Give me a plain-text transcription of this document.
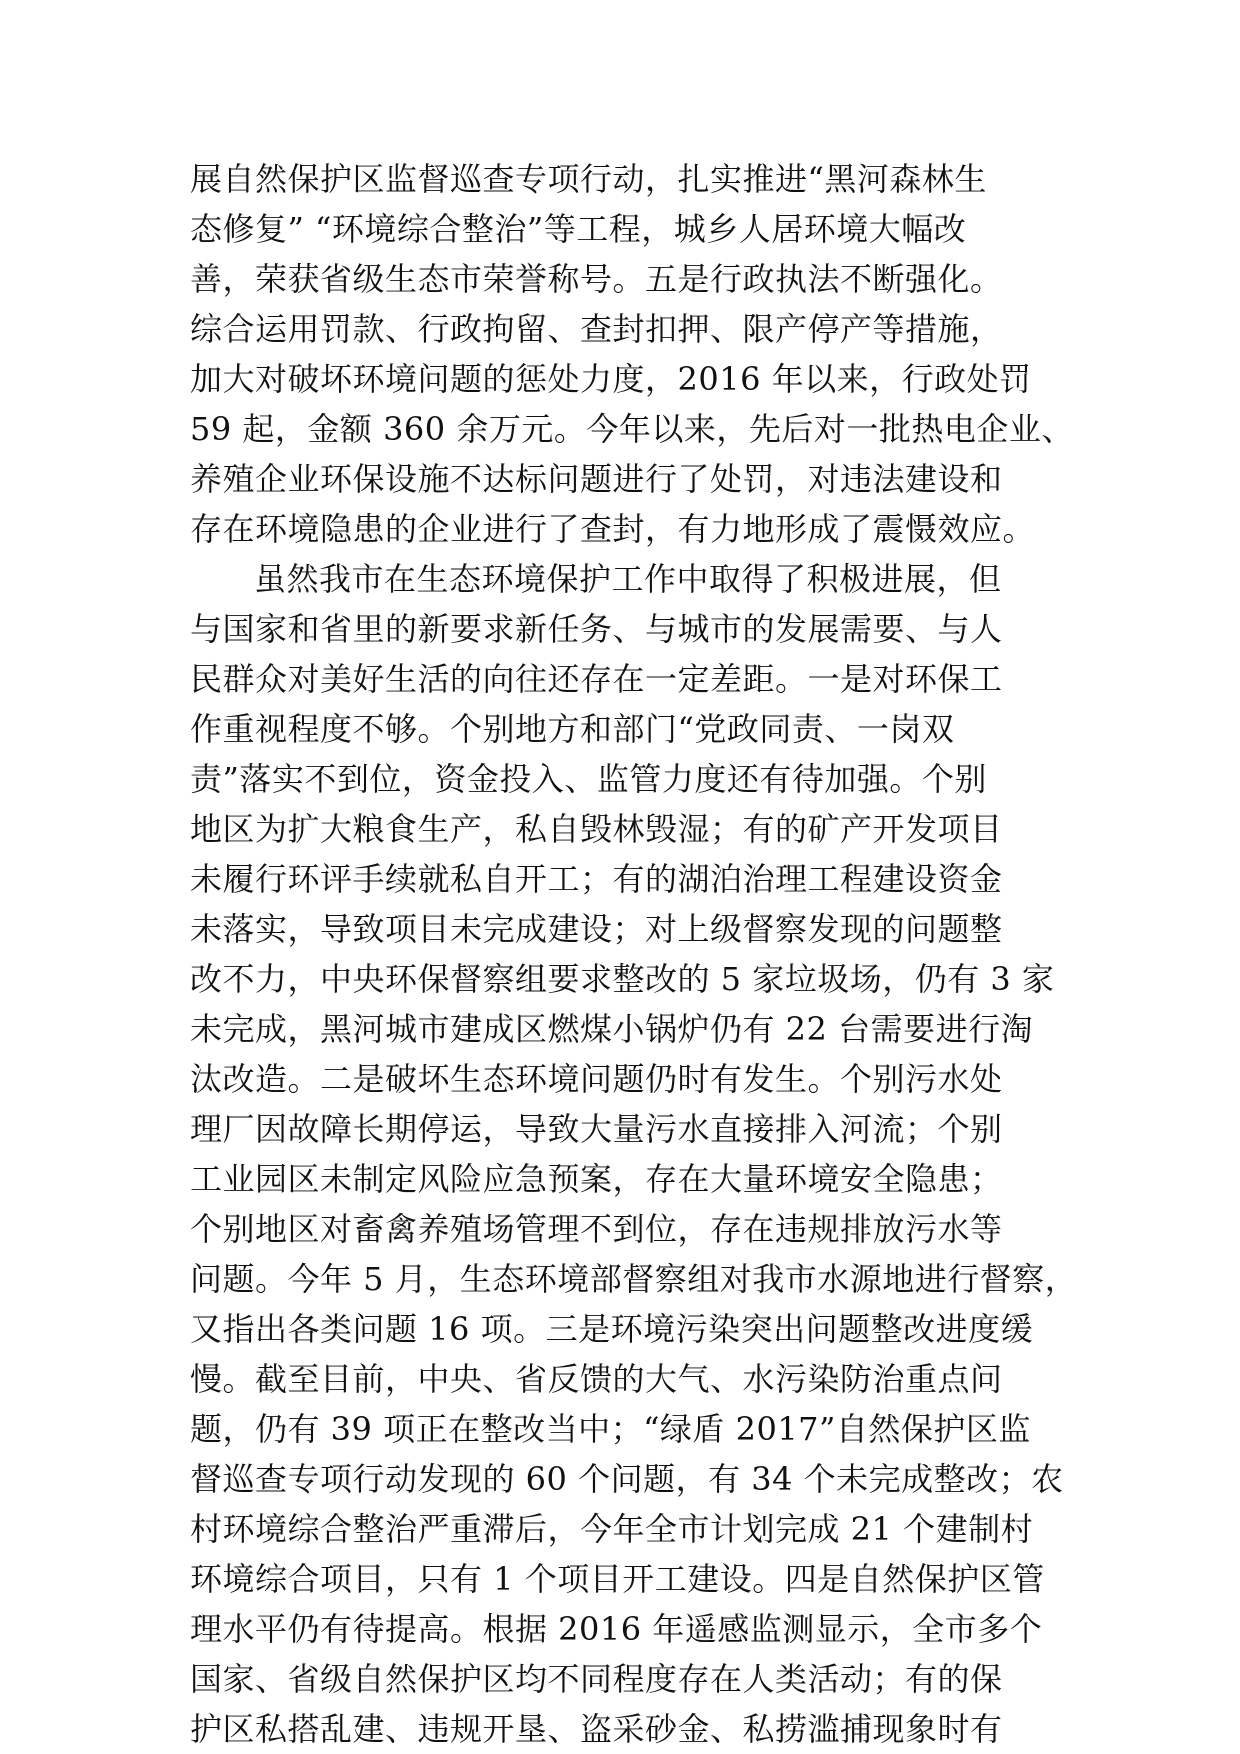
展自然保护区监督巡查专项行动，扎实推进“黑河森林生
态修复” “环境综合整治”等工程，城乡人居环境大幅改
善，荣获省级生态市荣誉称号。五是行政执法不断强化。
综合运用罚款、行政拘留、查封扣押、限产停产等措施，
加大对破坏环境问题的惩处力度，2016 年以来，行政处罚
59 起，金额 360 余万元。今年以来，先后对一批热电企业、
养殖企业环保设施不达标问题进行了处罚，对违法建设和
存在环境隐患的企业进行了查封，有力地形成了震慑效应。
虽然我市在生态环境保护工作中取得了积极进展，但
与国家和省里的新要求新任务、与城市的发展需要、与人
民群众对美好生活的向往还存在一定差距。一是对环保工
作重视程度不够。个别地方和部门“党政同责、一岗双
责”落实不到位，资金投入、监管力度还有待加强。个别
地区为扩大粮食生产，私自毁林毁湿；有的矿产开发项目
未履行环评手续就私自开工；有的湖泊治理工程建设资金
未落实，导致项目未完成建设；对上级督察发现的问题整
改不力，中央环保督察组要求整改的 5 家垃圾场，仍有 3 家
未完成，黑河城市建成区燃煤小锅炉仍有 22 台需要进行淘
汰改造。二是破坏生态环境问题仍时有发生。个别污水处
理厂因故障长期停运，导致大量污水直接排入河流；个别
工业园区未制定风险应急预案，存在大量环境安全隐患；
个别地区对畜禽养殖场管理不到位，存在违规排放污水等
问题。今年 5 月，生态环境部督察组对我市水源地进行督察，
又指出各类问题 16 项。三是环境污染突出问题整改进度缓
慢。截至目前，中央、省反馈的大气、水污染防治重点问
题，仍有 39 项正在整改当中；“绿盾 2017”自然保护区监
督巡查专项行动发现的 60 个问题，有 34 个未完成整改；农
村环境综合整治严重滞后，今年全市计划完成 21 个建制村
环境综合项目，只有 1 个项目开工建设。四是自然保护区管
理水平仍有待提高。根据 2016 年遥感监测显示，全市多个
国家、省级自然保护区均不同程度存在人类活动；有的保
护区私搭乱建、违规开垦、盗采砂金、私捞滥捕现象时有
